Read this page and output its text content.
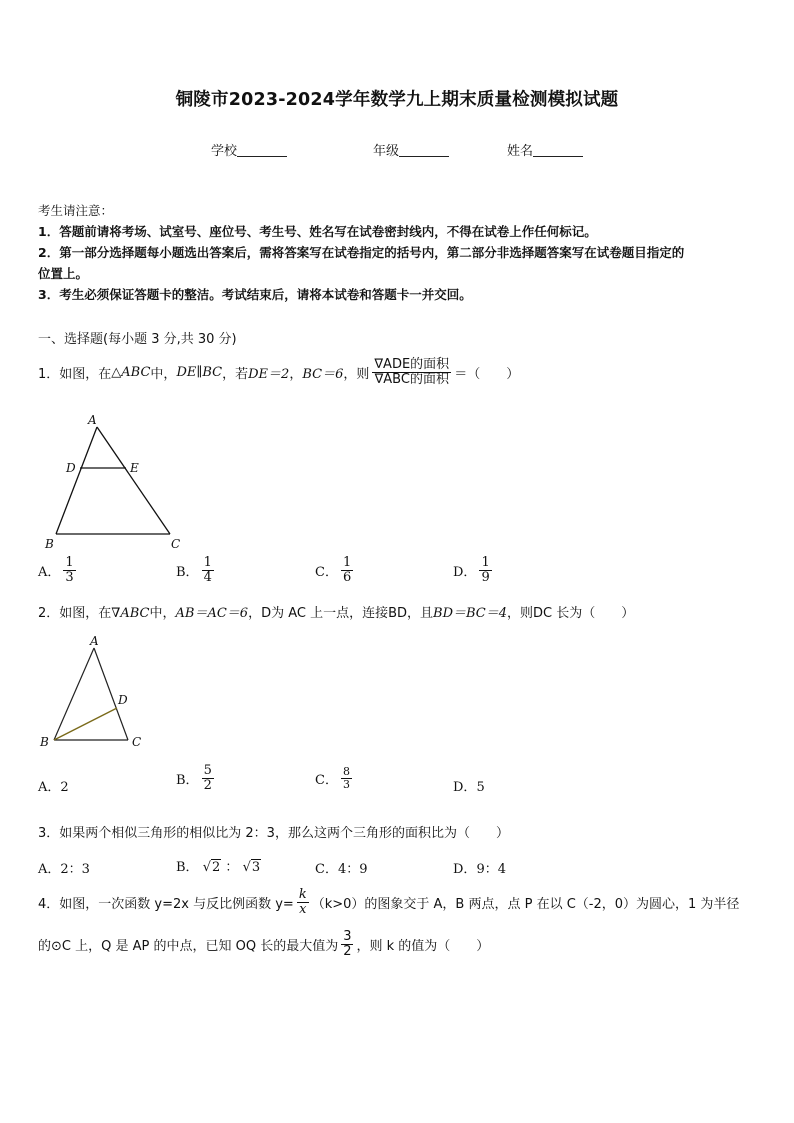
铜陵市2023-2024学年数学九上期末质量检测模拟试题
学校	年级	姓名
考生请注意：
1．答题前请将考场、试室号、座位号、考生号、姓名写在试卷密封线内，不得在试卷上作任何标记。
2．第一部分选择题每小题选出答案后，需将答案写在试卷指定的括号内，第二部分非选择题答案写在试卷题目指定的
位置上。
3．考生必须保证答题卡的整洁。考试结束后，请将本试卷和答题卡一并交回。
一、选择题(每小题 3 分,共 30 分)
1．如图，在 △ABC 中， DE∥BC ，若 DE＝2 ， BC＝6 ，则 $\frac{\text{∇ADE的面积}}{\text{∇ABC的面积}}$ ＝（　　）
A
D	E
B	C
A． $\frac{1}{3}$	B． $\frac{1}{4}$	C． $\frac{1}{6}$	D． $\frac{1}{9}$
2．如图，在∇ABC中，AB＝AC＝6，D为 AC 上一点，连接BD，且BD＝BC＝4，则DC 长为（　　）
A
D
B	C
A．2	B． $\frac{5}{2}$	C． $\frac{8}{3}$	D．5
3．如果两个相似三角形的相似比为 2：3，那么这两个三角形的面积比为（　　）
A．2：3	B． √2 ： √3	C．4：9	D．9：4
4．如图，一次函数 y=2x 与反比例函数 $y= \frac{k}{x} (k>0)$的图象交于 A，B 两点，点 P 在以 C（-2，0）为圆心，1 为半径
的⊙C 上，Q 是 AP 的中点，已知 OQ 长的最大值为 $\frac{3}{2}$ ，则 k 的值为（　　）
